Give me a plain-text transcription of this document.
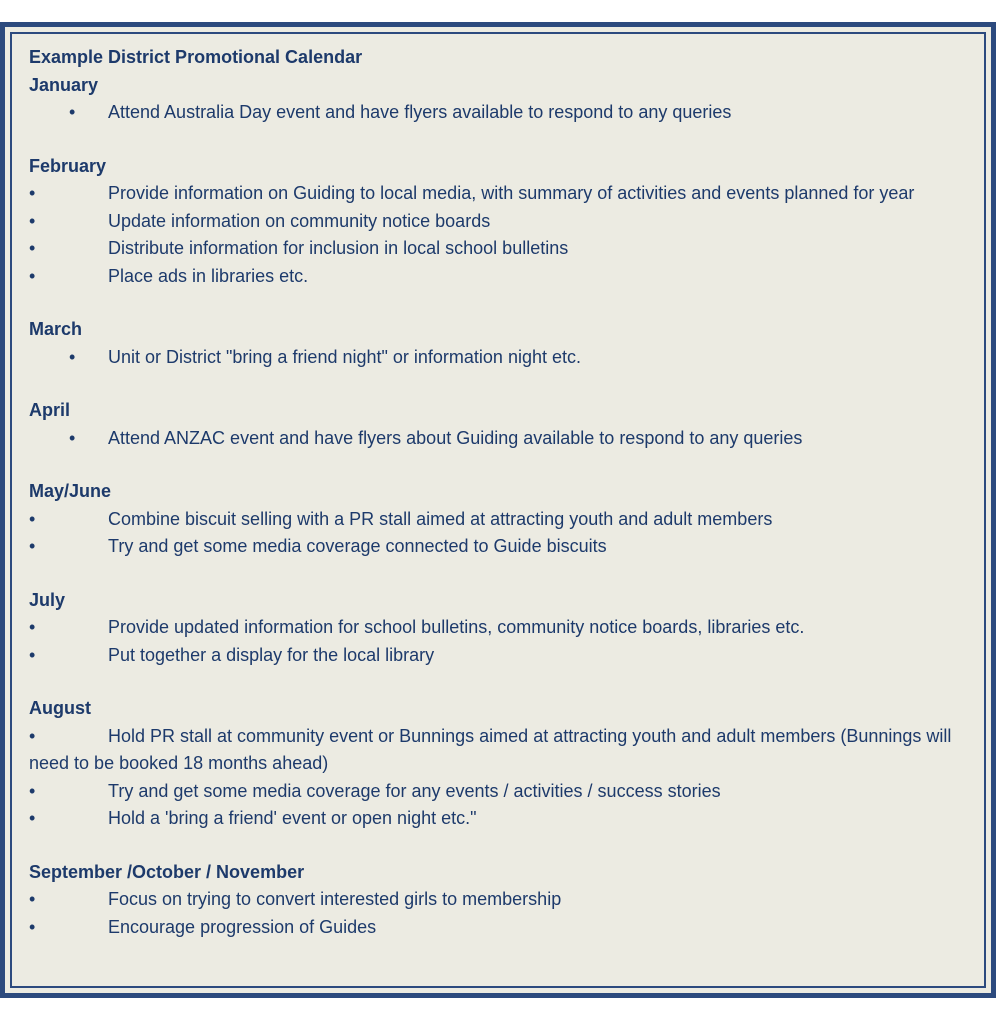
Example District Promotional Calendar

January

•	Attend Australia Day event and have flyers available to respond to any queries

February

•	Provide information on Guiding to local media, with summary of activities and events planned for year
•	Update information on community notice boards
•	Distribute information for inclusion in local school bulletins
•	Place ads in libraries etc.

March

•	Unit or District "bring a friend night" or information night etc.

April

•	Attend ANZAC event and have flyers about Guiding available to respond to any queries

May/June

•	Combine biscuit selling with a PR stall aimed at attracting youth and adult members
•	Try and get some media coverage connected to Guide biscuits

July

•	Provide updated information for school bulletins, community notice boards, libraries etc.
•	Put together a display for the local library

August

•	Hold PR stall at community event or Bunnings aimed at attracting youth and adult members (Bunnings will need to be booked 18 months ahead)
•	Try and get some media coverage for any events / activities / success stories
•	Hold a 'bring a friend' event or open night etc."

September /October / November

•	Focus on trying to convert interested girls to membership
•	Encourage progression of Guides
